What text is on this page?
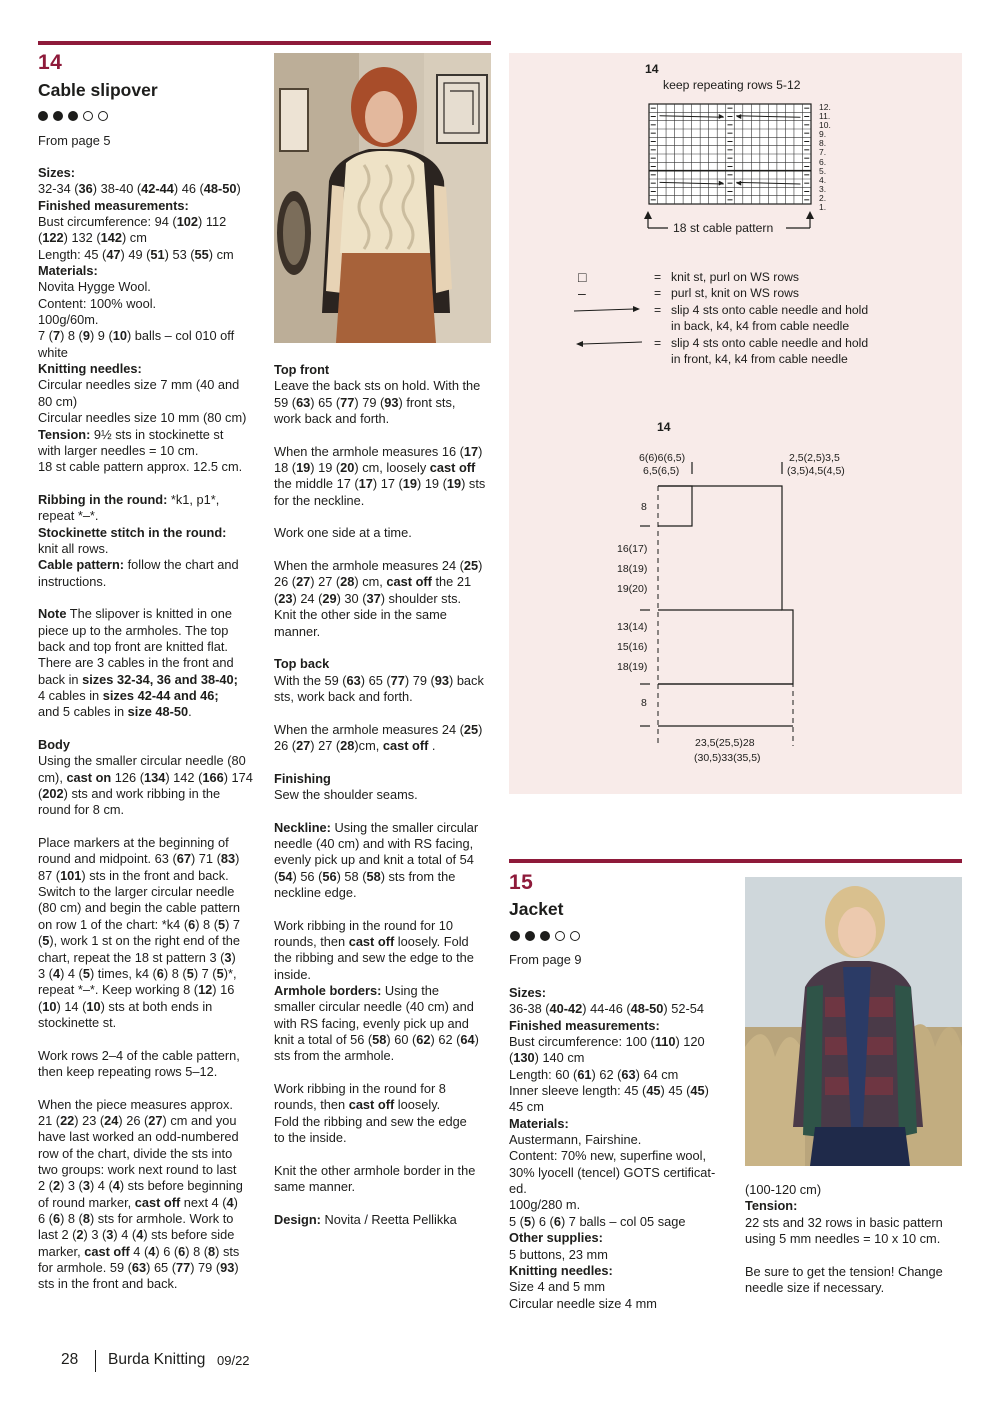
14
Cable slipover
From page 5

Sizes:

32-34 (36) 38-40 (42-44) 46 (48-50)

Finished measurements:

Bust circumference: 94 (102) 112

(122) 132 (142) cm

Length: 45 (47) 49 (51) 53 (55) cm

Materials:

Novita Hygge Wool.

Content: 100% wool.

100g/60m.

7 (7) 8 (9) 9 (10) balls – col 010 off

white

Knitting needles:

Circular needles size 7 mm (40 and

80 cm)

Circular needles size 10 mm (80 cm)

Tension: 9½ sts in stockinette st

with larger needles = 10 cm.

18 st cable pattern approx. 12.5 cm.

Ribbing in the round: *k1, p1*,

repeat *–*.

Stockinette stitch in the round:

knit all rows.

Cable pattern: follow the chart and

instructions.

Note The slipover is knitted in one

piece up to the armholes. The top

back and top front are knitted flat.

There are 3 cables in the front and

back in sizes 32-34, 36 and 38-40;

4 cables in sizes 42-44 and 46;

and 5 cables in size 48-50.

Body

Using the smaller circular needle (80

cm), cast on 126 (134) 142 (166) 174

(202) sts and work ribbing in the

round for 8 cm.

Place markers at the beginning of

round and midpoint. 63 (67) 71 (83)

87 (101) sts in the front and back.

Switch to the larger circular needle

(80 cm) and begin the cable pattern

on row 1 of the chart: *k4 (6) 8 (5) 7

(5), work 1 st on the right end of the

chart, repeat the 18 st pattern 3 (3)

3 (4) 4 (5) times, k4 (6) 8 (5) 7 (5)*,

repeat *–*. Keep working 8 (12) 16

(10) 14 (10) sts at both ends in

stockinette st.

Work rows 2–4 of the cable pattern,

then keep repeating rows 5–12.

When the piece measures approx.

21 (22) 23 (24) 26 (27) cm and you

have last worked an odd-numbered

row of the chart, divide the sts into

two groups: work next round to last

2 (2) 3 (3) 4 (4) sts before beginning

of round marker, cast off next 4 (4)

6 (6) 8 (8) sts for armhole. Work to

last 2 (2) 3 (3) 4 (4) sts before side

marker, cast off 4 (4) 6 (6) 8 (8) sts

for armhole. 59 (63) 65 (77) 79 (93)

sts in the front and back.

Top front

Leave the back sts on hold. With the

59 (63) 65 (77) 79 (93) front sts,

work back and forth.

When the armhole measures 16 (17)

18 (19) 19 (20) cm, loosely cast off

the middle 17 (17) 17 (19) 19 (19) sts

for the neckline.

Work one side at a time.

When the armhole measures 24 (25)

26 (27) 27 (28) cm, cast off the 21

(23) 24 (29) 30 (37) shoulder sts.

Knit the other side in the same

manner.

Top back

With the 59 (63) 65 (77) 79 (93) back

sts, work back and forth.

When the armhole measures 24 (25)

26 (27) 27 (28)cm, cast off .

Finishing

Sew the shoulder seams.

Neckline: Using the smaller circular

needle (40 cm) and with RS facing,

evenly pick up and knit a total of 54

(54) 56 (56) 58 (58) sts from the

neckline edge.

Work ribbing in the round for 10

rounds, then cast off loosely. Fold

the ribbing and sew the edge to the

inside.

Armhole borders: Using the

smaller circular needle (40 cm) and

with RS facing, evenly pick up and

knit a total of 56 (58) 60 (62) 62 (64)

sts from the armhole.

Work ribbing in the round for 8

rounds, then cast off loosely.

Fold the ribbing and sew the edge

to the inside.

Knit the other armhole border in the

same manner.

Design: Novita / Reetta Pellikka

14
keep repeating rows 5-12
12.
11.
10.
9.
8.
7.
6.
5.
4.
3.
2.
1.
18 st cable pattern
□	= knit st, purl on WS rows
–	= purl st, knit on WS rows
= slip 4 sts onto cable needle and hold
in back, k4, k4 from cable needle
= slip 4 sts onto cable needle and hold
in front, k4, k4 from cable needle
14
6(6)6(6,5)
6,5(6,5)
2,5(2,5)3,5
(3,5)4,5(4,5)
8
16(17)
18(19)
19(20)
13(14)
15(16)
18(19)
8
23,5(25,5)28
(30,5)33(35,5)
15
Jacket
From page 9

Sizes:

36-38 (40-42) 44-46 (48-50) 52-54

Finished measurements:

Bust circumference: 100 (110) 120

(130) 140 cm

Length: 60 (61) 62 (63) 64 cm

Inner sleeve length: 45 (45) 45 (45)

45 cm

Materials:

Austermann, Fairshine.

Content: 70% new, superfine wool,

30% lyocell (tencel) GOTS certificat-

ed.

100g/280 m.

5 (5) 6 (6) 7 balls – col 05 sage

Other supplies:

5 buttons, 23 mm

Knitting needles:

Size 4 and 5 mm

Circular needle size 4 mm

(100-120 cm)

Tension:

22 sts and 32 rows in basic pattern

using 5 mm needles = 10 x 10 cm.

Be sure to get the tension! Change

needle size if necessary.

28 Burda Knitting 09/22
